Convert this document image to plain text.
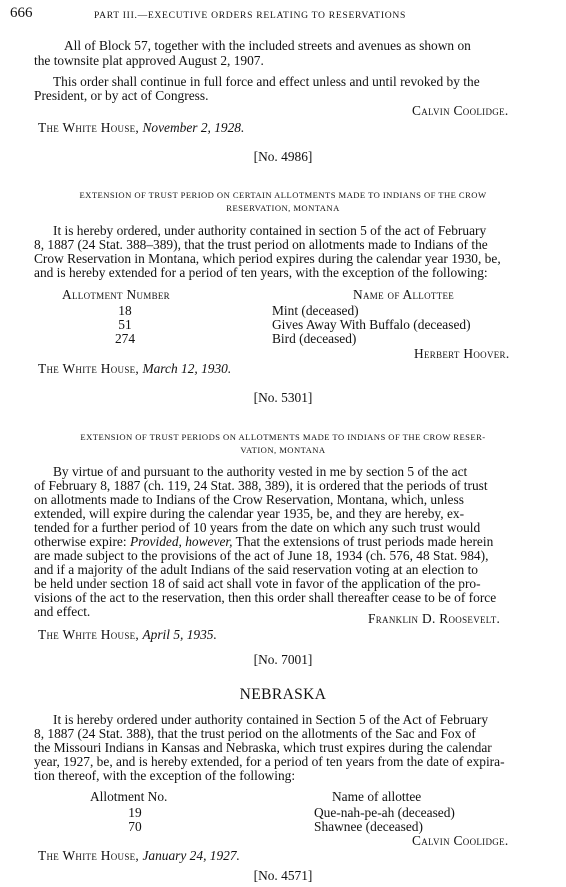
666	PART III.—EXECUTIVE ORDERS RELATING TO RESERVATIONS
All of Block 57, together with the included streets and avenues as shown on
the townsite plat approved August 2, 1907.
This order shall continue in full force and effect unless and until revoked by the
President, or by act of Congress.
Calvin Coolidge.
The White House, November 2, 1928.
[No. 4986]
EXTENSION OF TRUST PERIOD ON CERTAIN ALLOTMENTS MADE TO INDIANS OF THE CROW
RESERVATION, MONTANA
It is hereby ordered, under authority contained in section 5 of the act of February
8, 1887 (24 Stat. 388–389), that the trust period on allotments made to Indians of the
Crow Reservation in Montana, which period expires during the calendar year 1930, be,
and is hereby extended for a period of ten years, with the exception of the following:
Allotment Number	Name of Allottee
18	Mint (deceased)
51	Gives Away With Buffalo (deceased)
274	Bird (deceased)
Herbert Hoover.
The White House, March 12, 1930.
[No. 5301]
EXTENSION OF TRUST PERIODS ON ALLOTMENTS MADE TO INDIANS OF THE CROW RESER-
VATION, MONTANA
By virtue of and pursuant to the authority vested in me by section 5 of the act
of February 8, 1887 (ch. 119, 24 Stat. 388, 389), it is ordered that the periods of trust
on allotments made to Indians of the Crow Reservation, Montana, which, unless
extended, will expire during the calendar year 1935, be, and they are hereby, ex-
tended for a further period of 10 years from the date on which any such trust would
otherwise expire: Provided, however, That the extensions of trust periods made herein
are made subject to the provisions of the act of June 18, 1934 (ch. 576, 48 Stat. 984),
and if a majority of the adult Indians of the said reservation voting at an election to
be held under section 18 of said act shall vote in favor of the application of the pro-
visions of the act to the reservation, then this order shall thereafter cease to be of force
and effect.	Franklin D. Roosevelt.
The White House, April 5, 1935.
[No. 7001]
NEBRASKA
It is hereby ordered under authority contained in Section 5 of the Act of February
8, 1887 (24 Stat. 388), that the trust period on the allotments of the Sac and Fox of
the Missouri Indians in Kansas and Nebraska, which trust expires during the calendar
year, 1927, be, and is hereby extended, for a period of ten years from the date of expira-
tion thereof, with the exception of the following:
Allotment No.	Name of allottee
19	Que-nah-pe-ah (deceased)
70	Shawnee (deceased)
Calvin Coolidge.
The White House, January 24, 1927.
[No. 4571]
